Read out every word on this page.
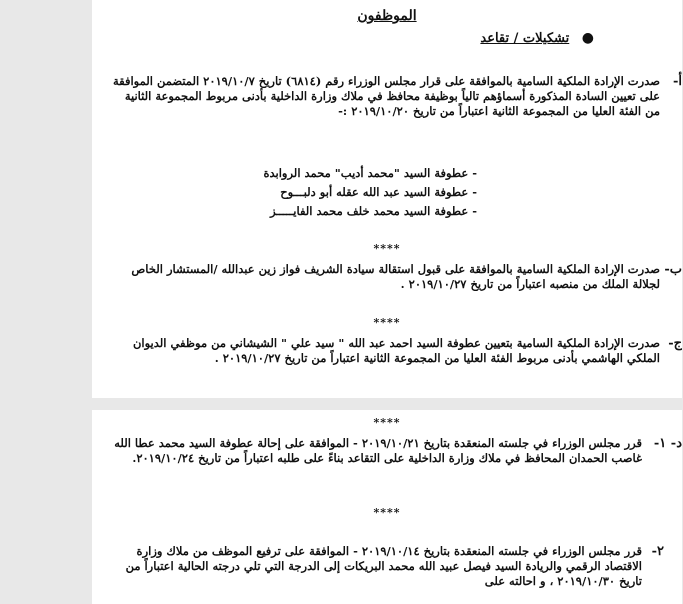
الموظفون
● تشكيلات / تقاعد
أ-
صدرت الإرادة الملكية السامية بالموافقة على قرار مجلس الوزراء رقم (٦٨١٤) تاريخ ٢٠١٩/١٠/٧ المتضمن الموافقة على تعيين السادة المذكورة أسماؤهم تالياً بوظيفة محافظ في ملاك وزارة الداخلية بأدنى مربوط المجموعة الثانية من الفئة العليا من المجموعة الثانية اعتباراً من تاريخ ٢٠١٩/١٠/٢٠ :-
- عطوفة السيد "محمد أديب" محمد الروابدة
- عطوفة السيد عبد الله عقله أبو دلبـــوح
- عطوفة السيد محمد خلف محمد الفايـــــز
****
ب-
صدرت الإرادة الملكية السامية بالموافقة على قبول استقالة سيادة الشريف فواز زين عبدالله /المستشار الخاص لجلالة الملك من منصبه اعتباراً من تاريخ ٢٠١٩/١٠/٢٧ .
****
ج-
صدرت الإرادة الملكية السامية بتعيين عطوفة السيد احمد عبد الله " سيد علي " الشيشاني من موظفي الديوان الملكي الهاشمي بأدنى مربوط الفئة العليا من المجموعة الثانية اعتباراً من تاريخ ٢٠١٩/١٠/٢٧ .
****
د- ١-
قرر مجلس الوزراء في جلسته المنعقدة بتاريخ ٢٠١٩/١٠/٢١ - الموافقة على إحالة عطوفة السيد محمد عطا الله غاصب الحمدان المحافظ في ملاك وزارة الداخلية على التقاعد بناءً على طلبه اعتباراً من تاريخ ٢٠١٩/١٠/٢٤.
****
٢-
قرر مجلس الوزراء في جلسته المنعقدة بتاريخ ٢٠١٩/١٠/١٤ - الموافقة على ترفيع الموظف من ملاك وزارة الاقتصاد الرقمي والريادة السيد فيصل عبيد الله محمد البريكات إلى الدرجة التي تلي درجته الحالية اعتباراً من تاريخ ٢٠١٩/١٠/٣٠ ، و احالته على
